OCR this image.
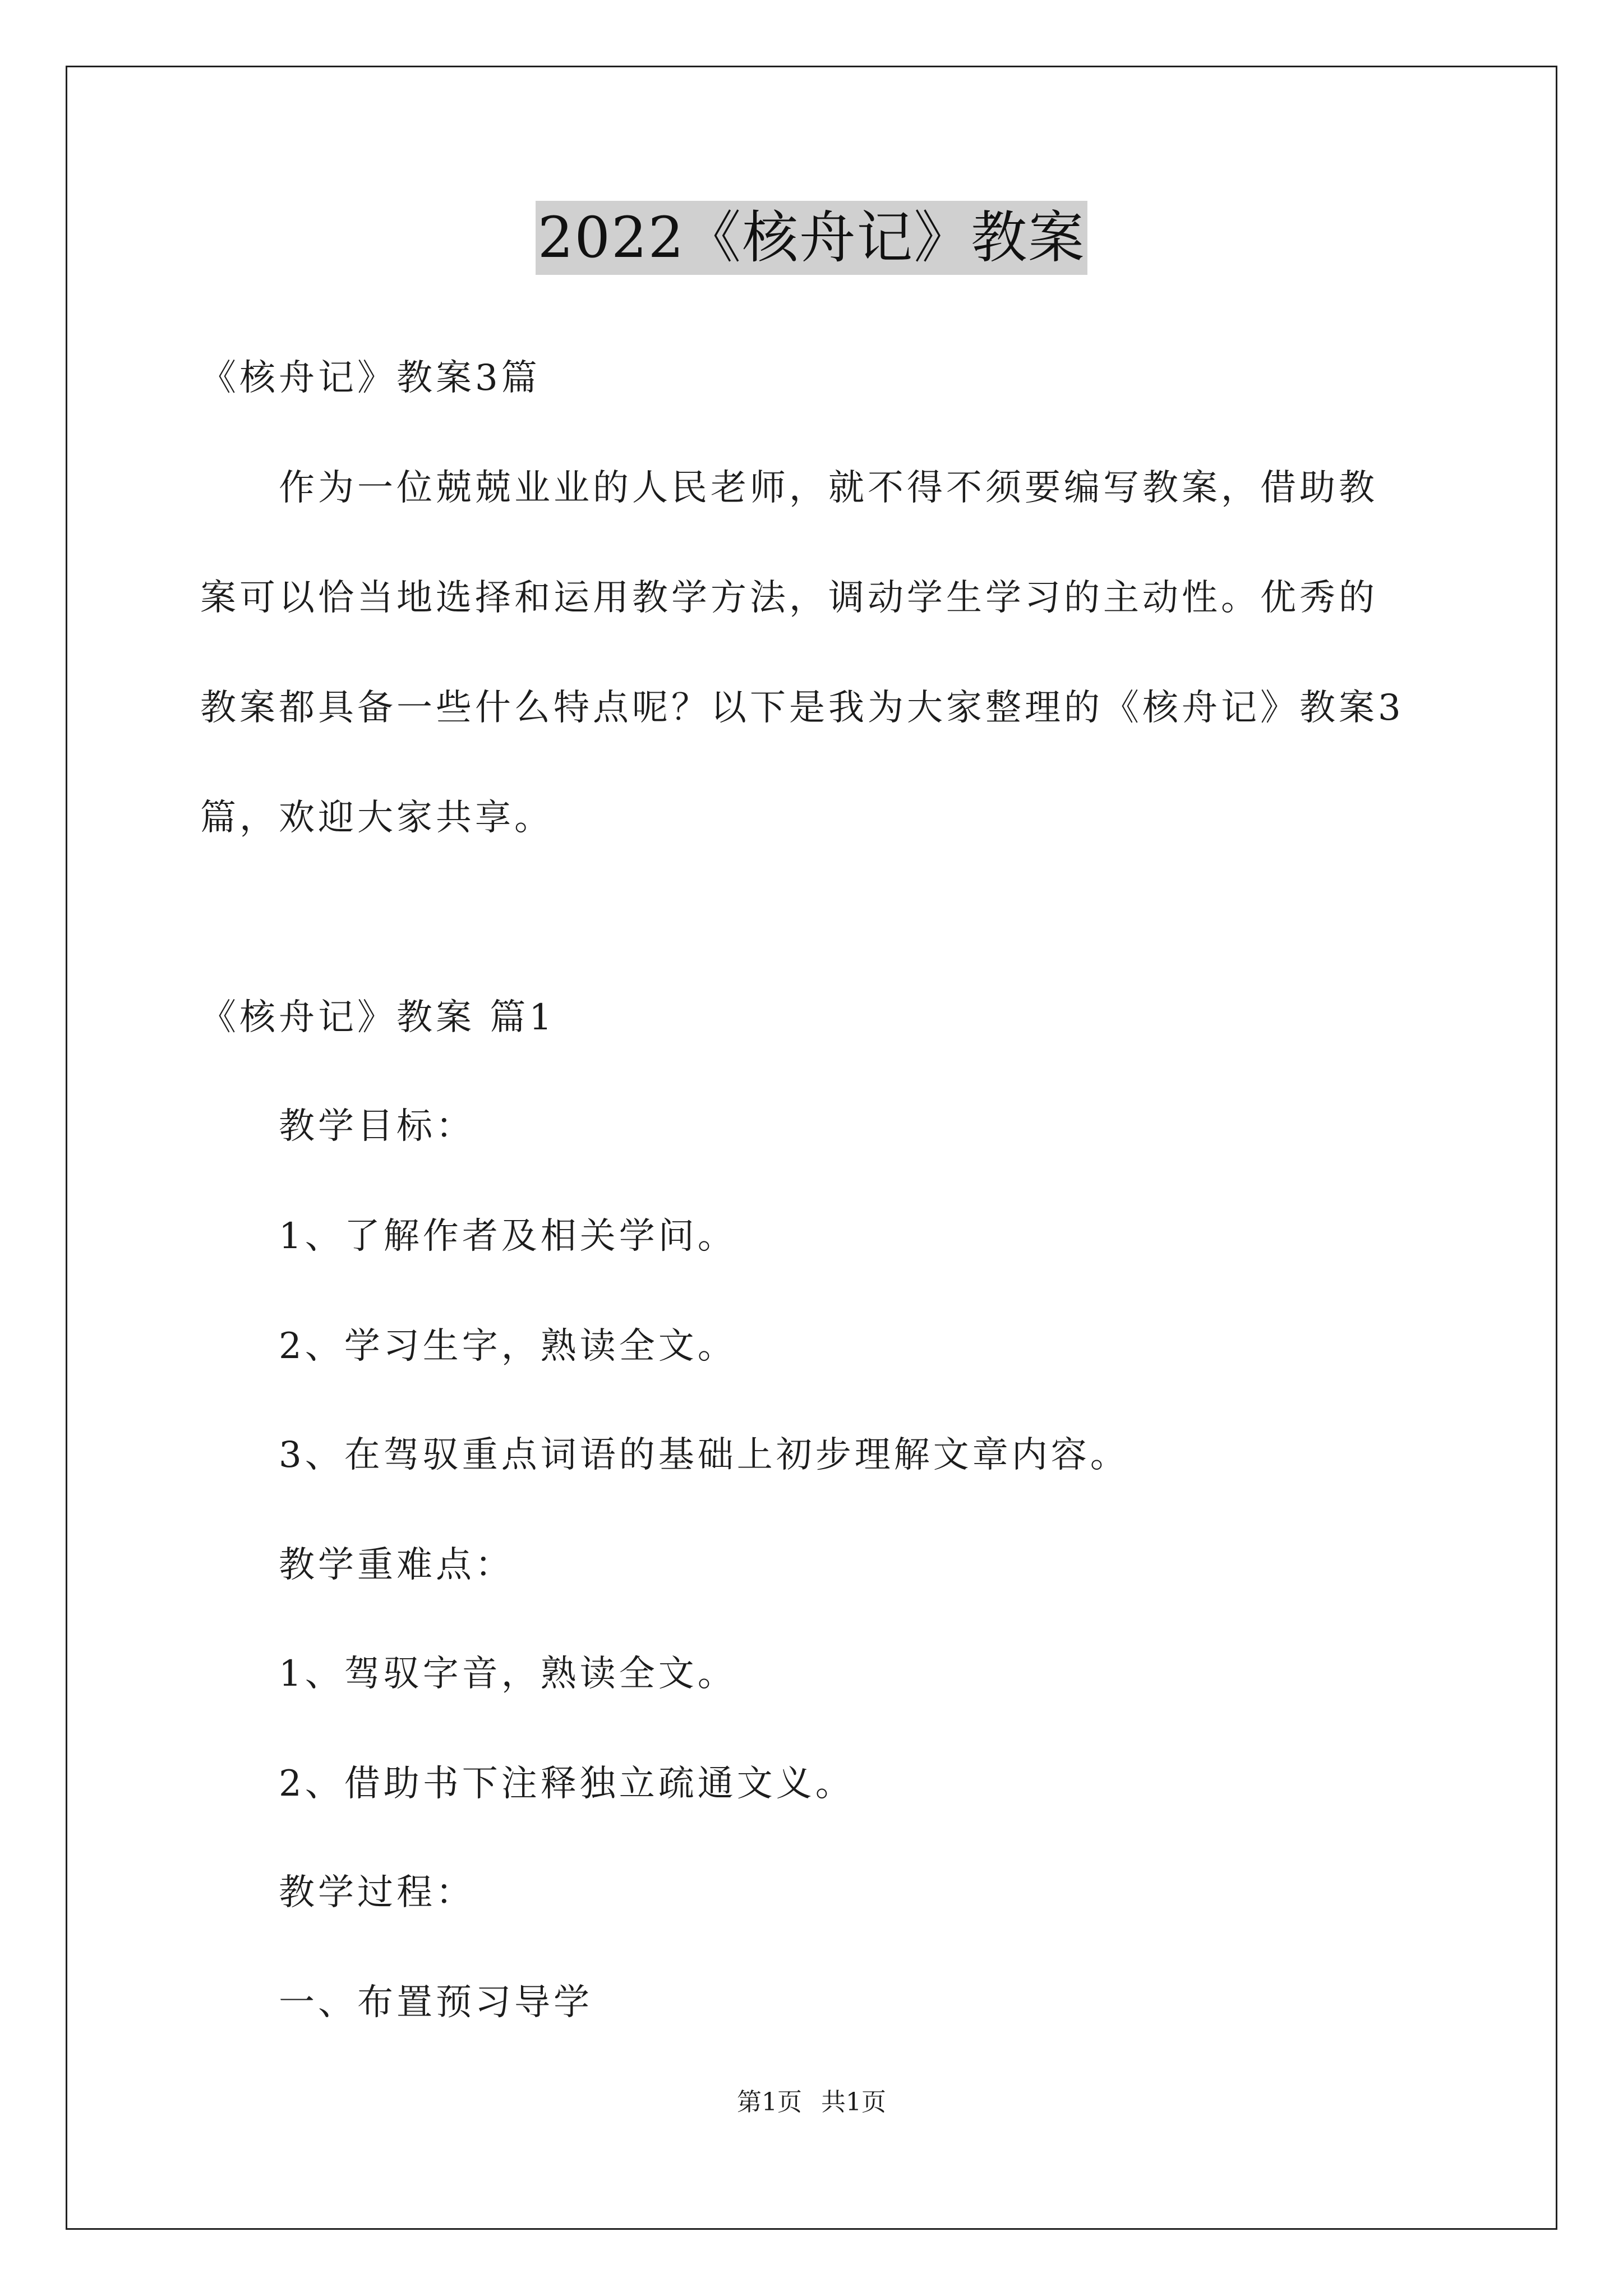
2022《核舟记》教案
《核舟记》教案3篇
作为一位兢兢业业的人民老师，就不得不须要编写教案，借助教
案可以恰当地选择和运用教学方法，调动学生学习的主动性。优秀的
教案都具备一些什么特点呢？以下是我为大家整理的《核舟记》教案3
篇，欢迎大家共享。
《核舟记》教案 篇1
教学目标：
1、了解作者及相关学问。
2、学习生字，熟读全文。
3、在驾驭重点词语的基础上初步理解文章内容。
教学重难点：
1、驾驭字音，熟读全文。
2、借助书下注释独立疏通文义。
教学过程：
一、布置预习导学
第1页 共1页
